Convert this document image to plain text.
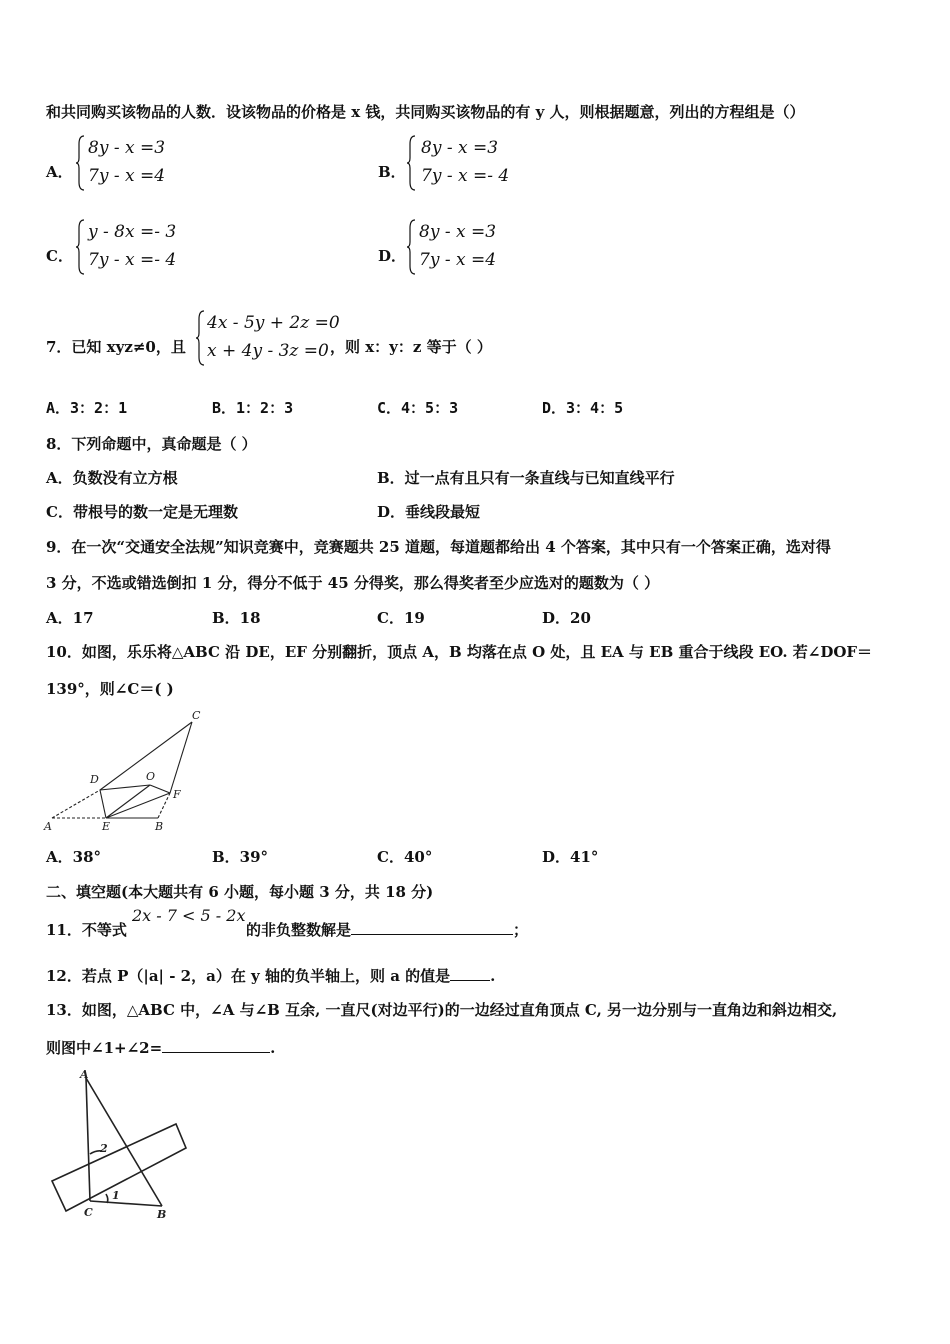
和共同购买该物品的人数．设该物品的价格是 x 钱，共同购买该物品的有 y 人，则根据题意，列出的方程组是（）
A．
8y - x =3
7y - x =4	B．
8y - x =3
7y - x =- 4
C．
y - 8x =- 3
7y - x =- 4	D．
8y - x =3
7y - x =4
7．已知 xyz≠0，且
4x - 5y + 2z =0
x + 4y - 3z =0 ，则 x：y：z 等于（ ）
A．3：2：1	B．1：2：3	C．4：5：3	D．3：4：5
8．下列命题中，真命题是（ ）
A．负数没有立方根	B．过一点有且只有一条直线与已知直线平行
C．带根号的数一定是无理数	D．垂线段最短
9．在一次“交通安全法规”知识竞赛中，竞赛题共 25 道题，每道题都给出 4 个答案，其中只有一个答案正确，选对得
3 分，不选或错选倒扣 1 分，得分不低于 45 分得奖，那么得奖者至少应选对的题数为（ ）
A．17	B．18	C．19	D．20
10．如图，乐乐将△ABC 沿 DE，EF 分别翻折，顶点 A，B 均落在点 O 处，且 EA 与 EB 重合于线段 EO. 若∠DOF＝
139°，则∠C＝( )
A	E	B
D	O
F
C
A．38°	B．39°	C．40°	D．41°
二、填空题(本大题共有 6 小题，每小题 3 分，共 18 分)
11．不等式
2x - 7 < 5 - 2x
的非负整数解是	；
12．若点 P（|a| - 2，a）在 y 轴的负半轴上，则 a 的值是	.
13．如图，△ABC 中，∠A 与∠B 互余, 一直尺(对边平行)的一边经过直角顶点 C, 另一边分别与一直角边和斜边相交,
则图中∠1+∠2=	.
A
C	B
2
1
